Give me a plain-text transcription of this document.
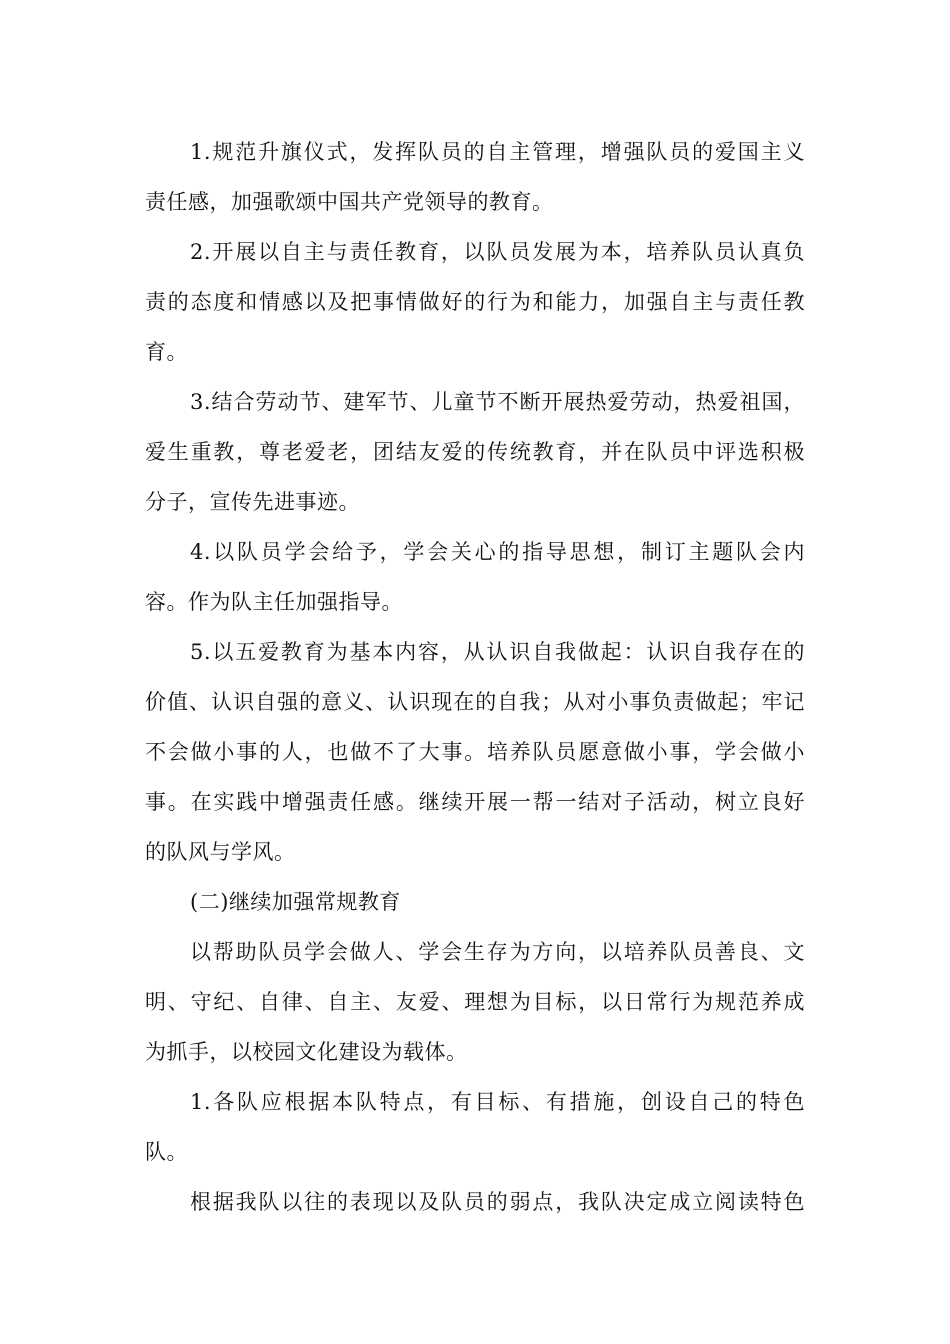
1.规范升旗仪式，发挥队员的自主管理，增强队员的爱国主义
责任感，加强歌颂中国共产党领导的教育。
2.开展以自主与责任教育，以队员发展为本，培养队员认真负
责的态度和情感以及把事情做好的行为和能力，加强自主与责任教
育。
3.结合劳动节、建军节、儿童节不断开展热爱劳动，热爱祖国，
爱生重教，尊老爱老，团结友爱的传统教育，并在队员中评选积极
分子，宣传先进事迹。
4.以队员学会给予，学会关心的指导思想，制订主题队会内
容。作为队主任加强指导。
5.以五爱教育为基本内容，从认识自我做起：认识自我存在的
价值、认识自强的意义、认识现在的自我；从对小事负责做起；牢记
不会做小事的人，也做不了大事。培养队员愿意做小事，学会做小
事。在实践中增强责任感。继续开展一帮一结对子活动，树立良好
的队风与学风。
(二)继续加强常规教育
以帮助队员学会做人、学会生存为方向，以培养队员善良、文
明、守纪、自律、自主、友爱、理想为目标，以日常行为规范养成
为抓手，以校园文化建设为载体。
1.各队应根据本队特点，有目标、有措施，创设自己的特色
队。
根据我队以往的表现以及队员的弱点，我队决定成立阅读特色
